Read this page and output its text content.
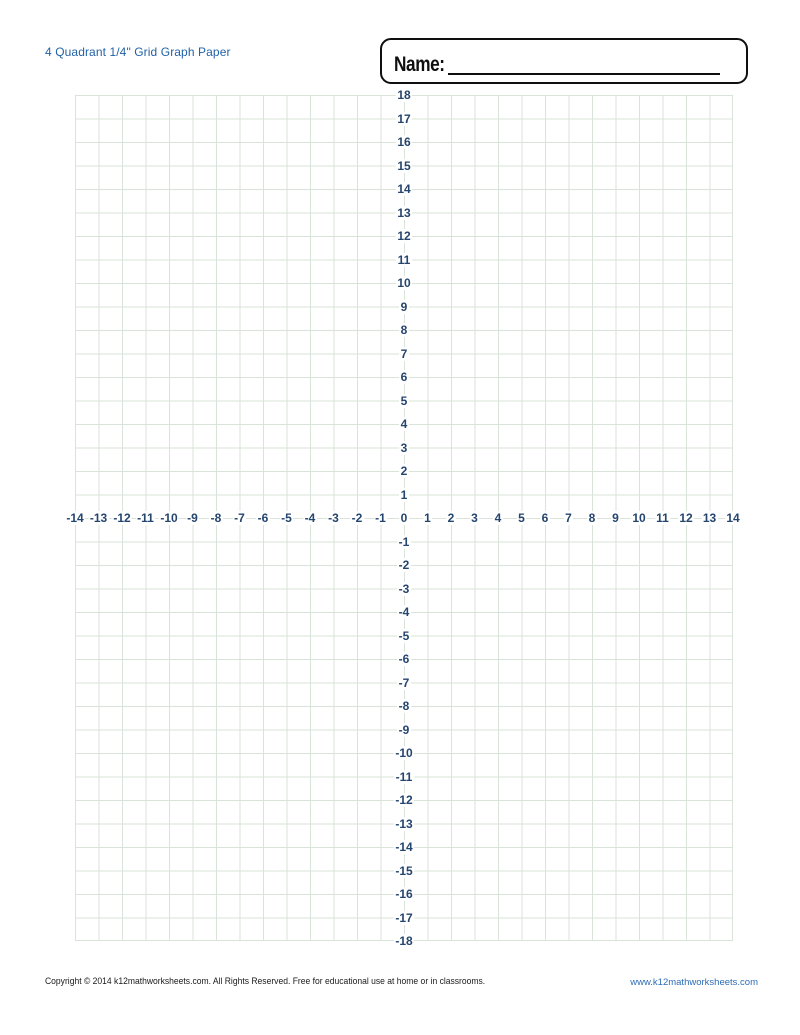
4 Quadrant 1/4" Grid Graph Paper
Name:
-14 -13 -12 -11 -10 -9 -8 -7 -6 -5 -4 -3 -2 -1 0 1 2 3 4 5 6 7 8 9 10 11 12 13 14
18
17
16
15
14
13
12
11
10
9
8
7
6
5
4
3
2
1
-1
-2
-3
-4
-5
-6
-7
-8
-9
-10
-11
-12
-13
-14
-15
-16
-17
-18
Copyright © 2014 k12mathworksheets.com. All Rights Reserved. Free for educational use at home or in classrooms.	www.k12mathworksheets.com
